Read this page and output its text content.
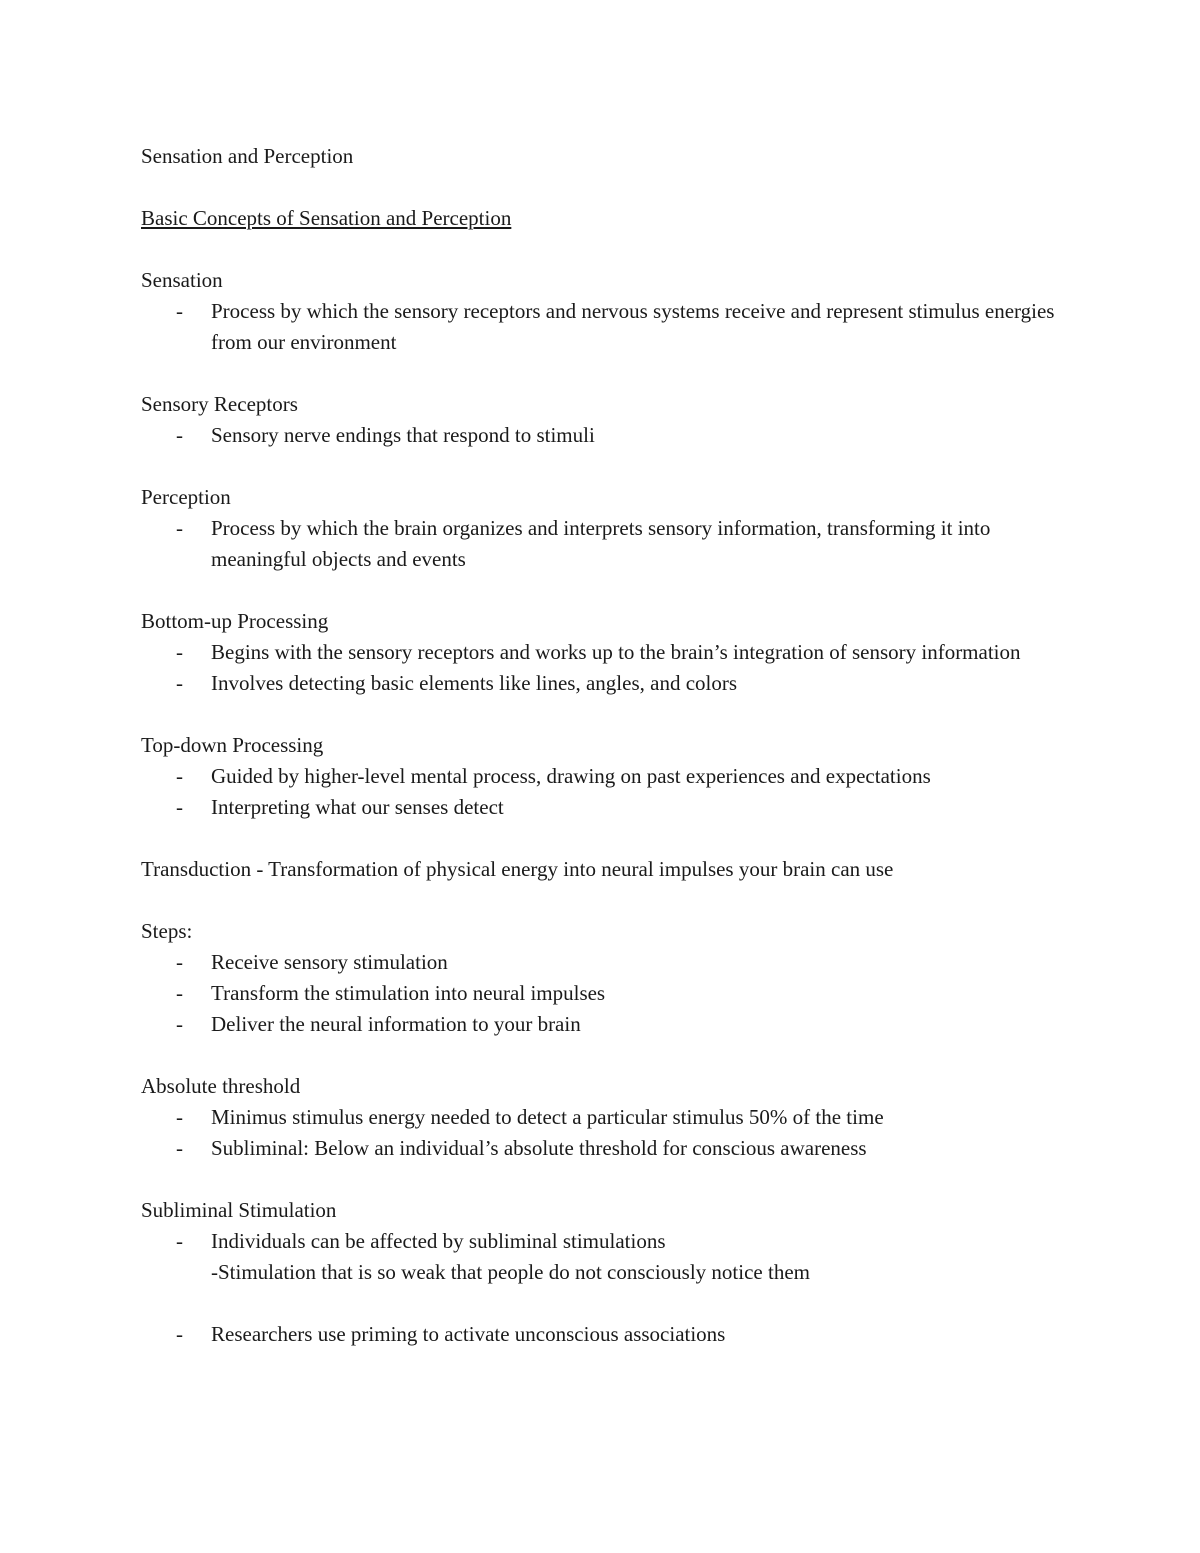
Sensation and Perception
Basic Concepts of Sensation and Perception
Sensation
- Process by which the sensory receptors and nervous systems receive and represent stimulus energies from our environment
Sensory Receptors
- Sensory nerve endings that respond to stimuli
Perception
- Process by which the brain organizes and interprets sensory information, transforming it into meaningful objects and events
Bottom-up Processing
- Begins with the sensory receptors and works up to the brain’s integration of sensory information
- Involves detecting basic elements like lines, angles, and colors
Top-down Processing
- Guided by higher-level mental process, drawing on past experiences and expectations
- Interpreting what our senses detect
Transduction - Transformation of physical energy into neural impulses your brain can use
Steps:
- Receive sensory stimulation
- Transform the stimulation into neural impulses
- Deliver the neural information to your brain
Absolute threshold
- Minimus stimulus energy needed to detect a particular stimulus 50% of the time
- Subliminal: Below an individual’s absolute threshold for conscious awareness
Subliminal Stimulation
- Individuals can be affected by subliminal stimulations
-Stimulation that is so weak that people do not consciously notice them
- Researchers use priming to activate unconscious associations
